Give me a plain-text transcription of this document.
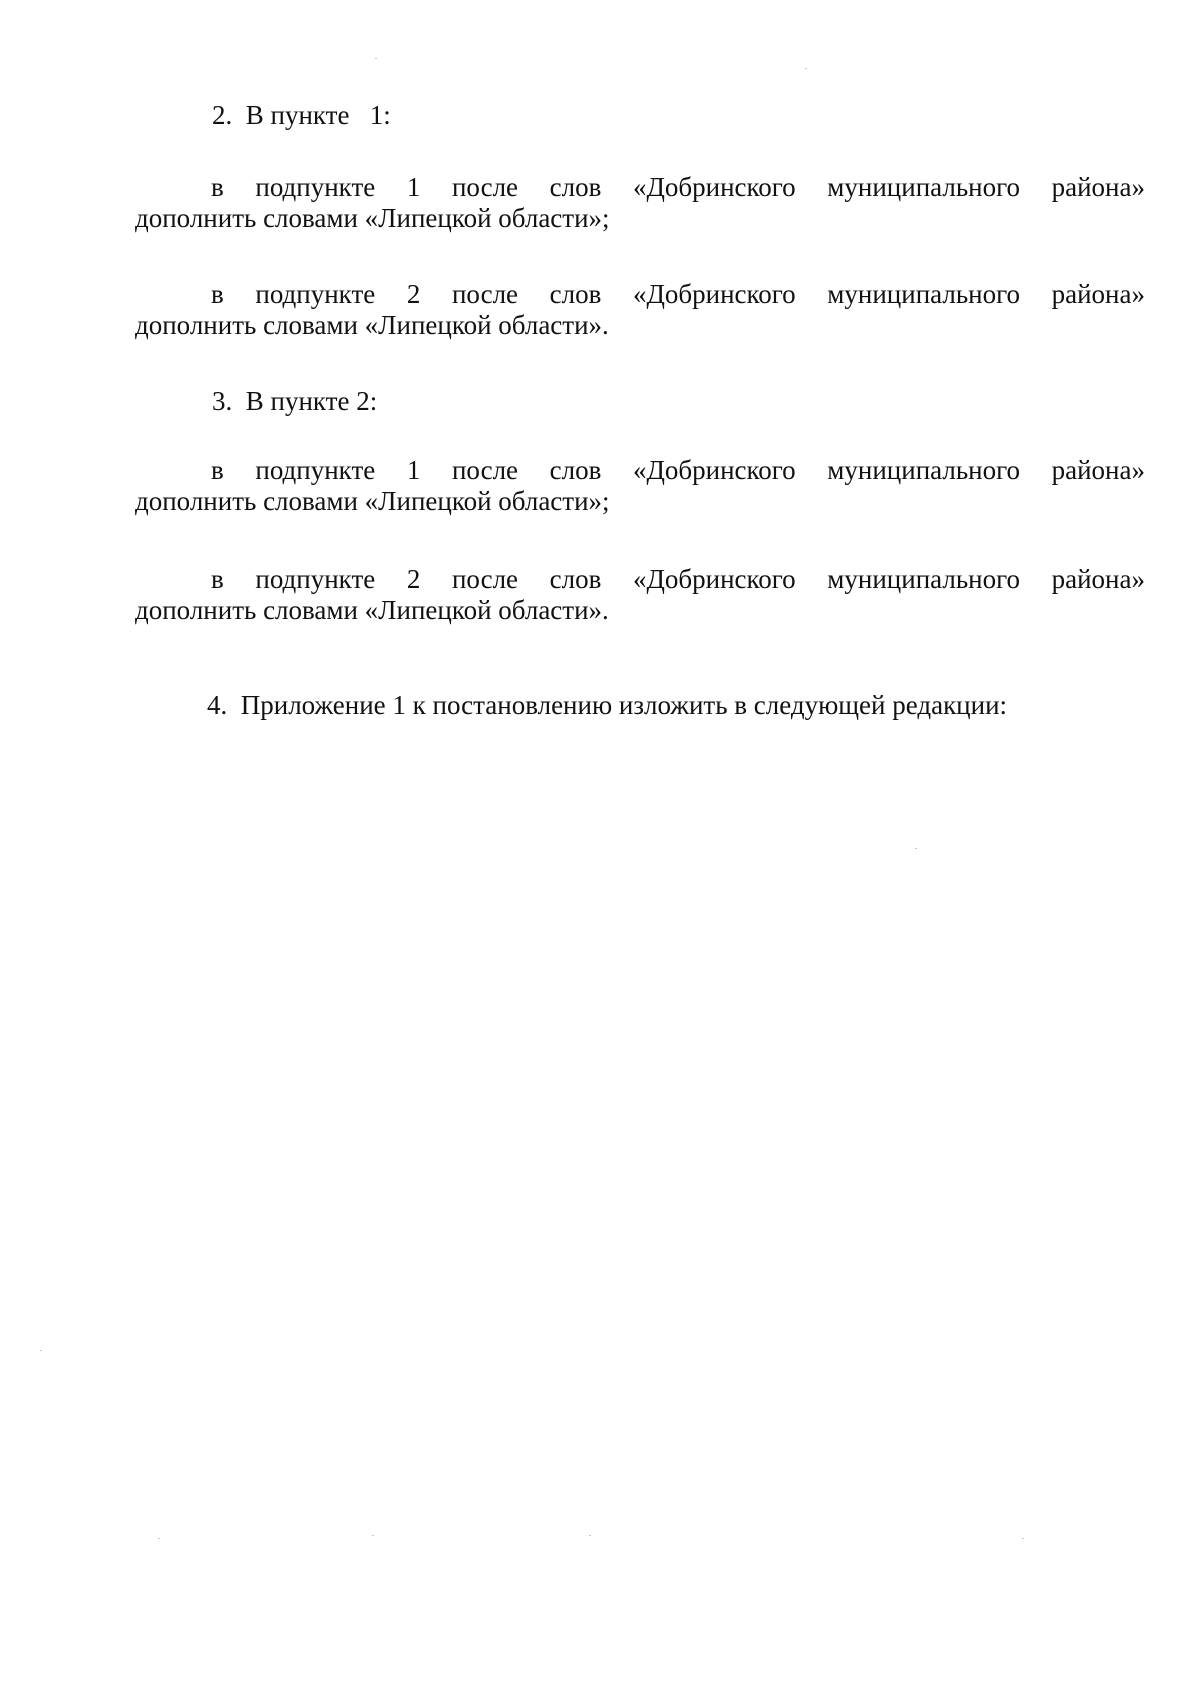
2.  В пункте   1:
в подпункте 1 после слов «Добринского муниципального района»
дополнить словами «Липецкой области»;
в подпункте 2 после слов «Добринского муниципального района»
дополнить словами «Липецкой области».
3.  В пункте 2:
в подпункте 1 после слов «Добринского муниципального района»
дополнить словами «Липецкой области»;
в подпункте 2 после слов «Добринского муниципального района»
дополнить словами «Липецкой области».
4.  Приложение 1 к постановлению изложить в следующей редакции:
